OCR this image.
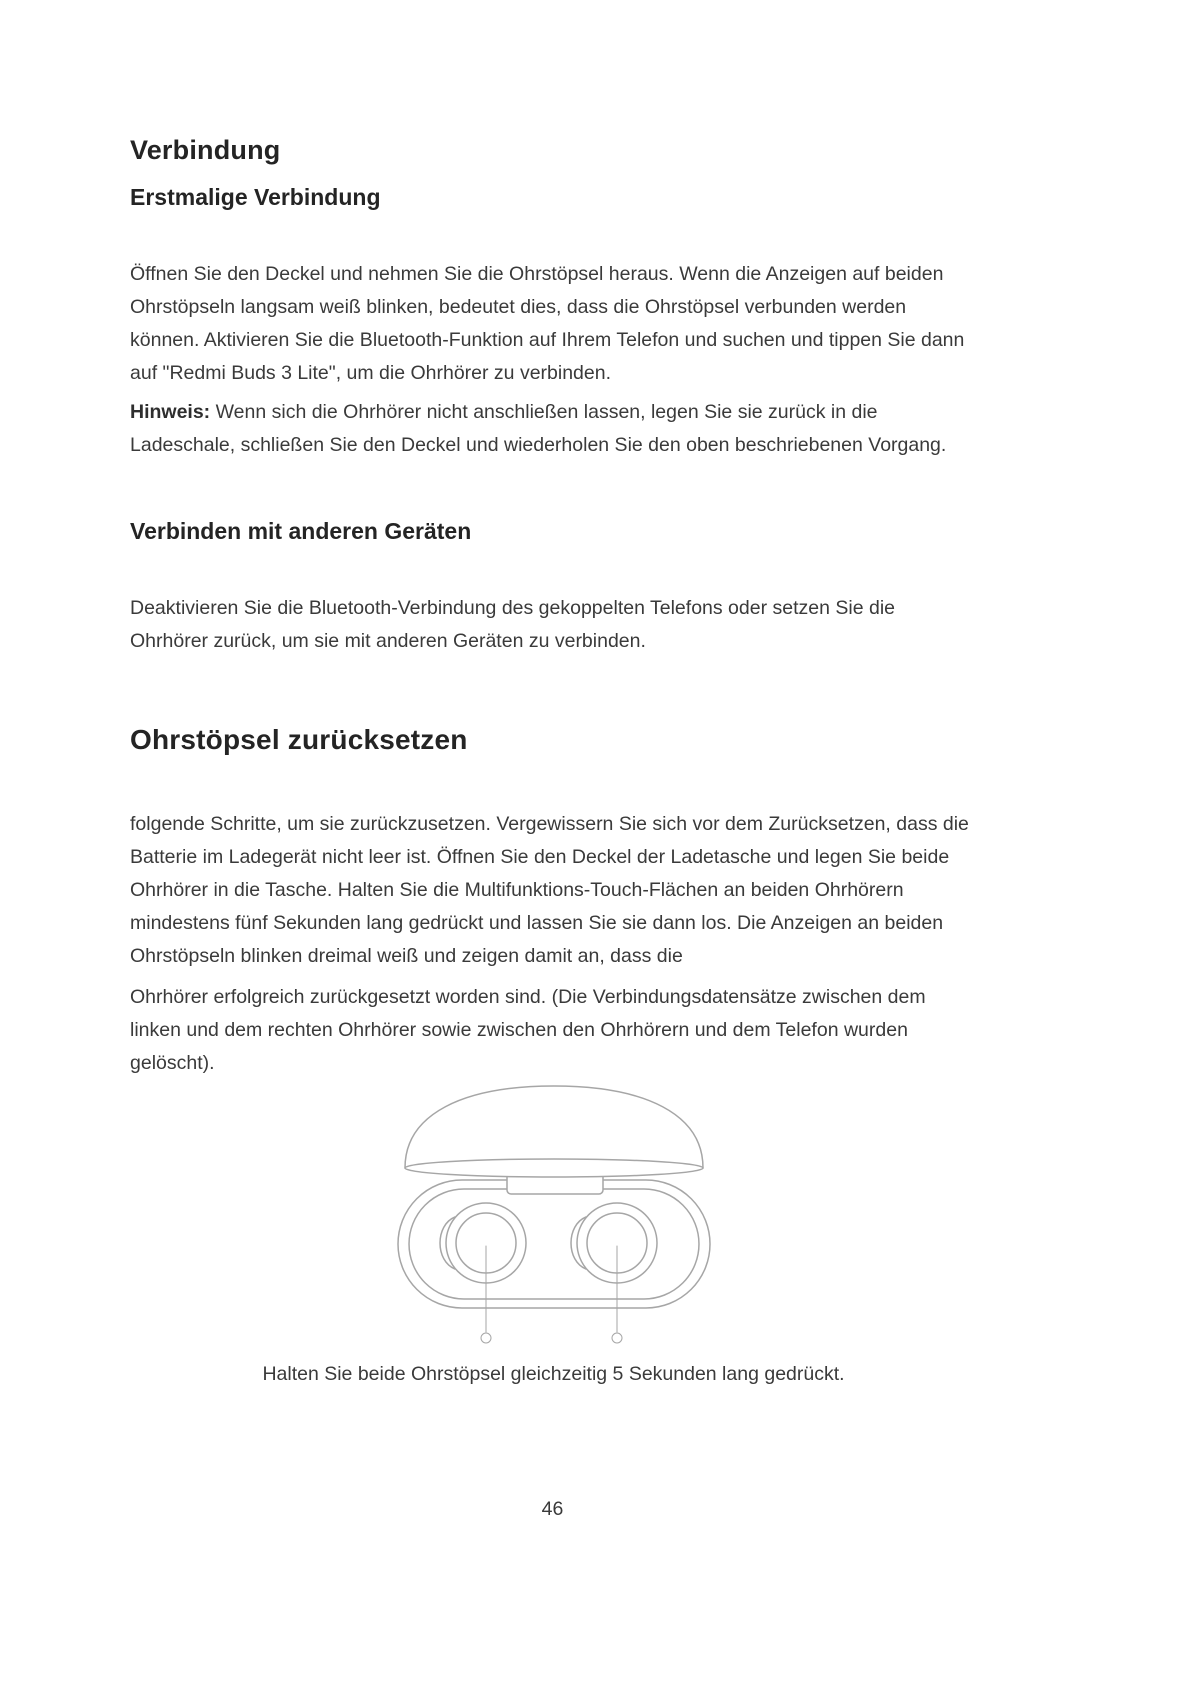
Verbindung
Erstmalige Verbindung

Öffnen Sie den Deckel und nehmen Sie die Ohrstöpsel heraus. Wenn die Anzeigen auf beiden Ohrstöpseln langsam weiß blinken, bedeutet dies, dass die Ohrstöpsel verbunden werden können. Aktivieren Sie die Bluetooth-Funktion auf Ihrem Telefon und suchen und tippen Sie dann auf "Redmi Buds 3 Lite", um die Ohrhörer zu verbinden.

Hinweis: Wenn sich die Ohrhörer nicht anschließen lassen, legen Sie sie zurück in die Ladeschale, schließen Sie den Deckel und wiederholen Sie den oben beschriebenen Vorgang.

Verbinden mit anderen Geräten

Deaktivieren Sie die Bluetooth-Verbindung des gekoppelten Telefons oder setzen Sie die Ohrhörer zurück, um sie mit anderen Geräten zu verbinden.

Ohrstöpsel zurücksetzen

folgende Schritte, um sie zurückzusetzen. Vergewissern Sie sich vor dem Zurücksetzen, dass die Batterie im Ladegerät nicht leer ist. Öffnen Sie den Deckel der Ladetasche und legen Sie beide Ohrhörer in die Tasche. Halten Sie die Multifunktions-Touch-Flächen an beiden Ohrhörern mindestens fünf Sekunden lang gedrückt und lassen Sie sie dann los. Die Anzeigen an beiden Ohrstöpseln blinken dreimal weiß und zeigen damit an, dass die

Ohrhörer erfolgreich zurückgesetzt worden sind. (Die Verbindungsdatensätze zwischen dem linken und dem rechten Ohrhörer sowie zwischen den Ohrhörern und dem Telefon wurden gelöscht).

Halten Sie beide Ohrstöpsel gleichzeitig 5 Sekunden lang gedrückt.
46
